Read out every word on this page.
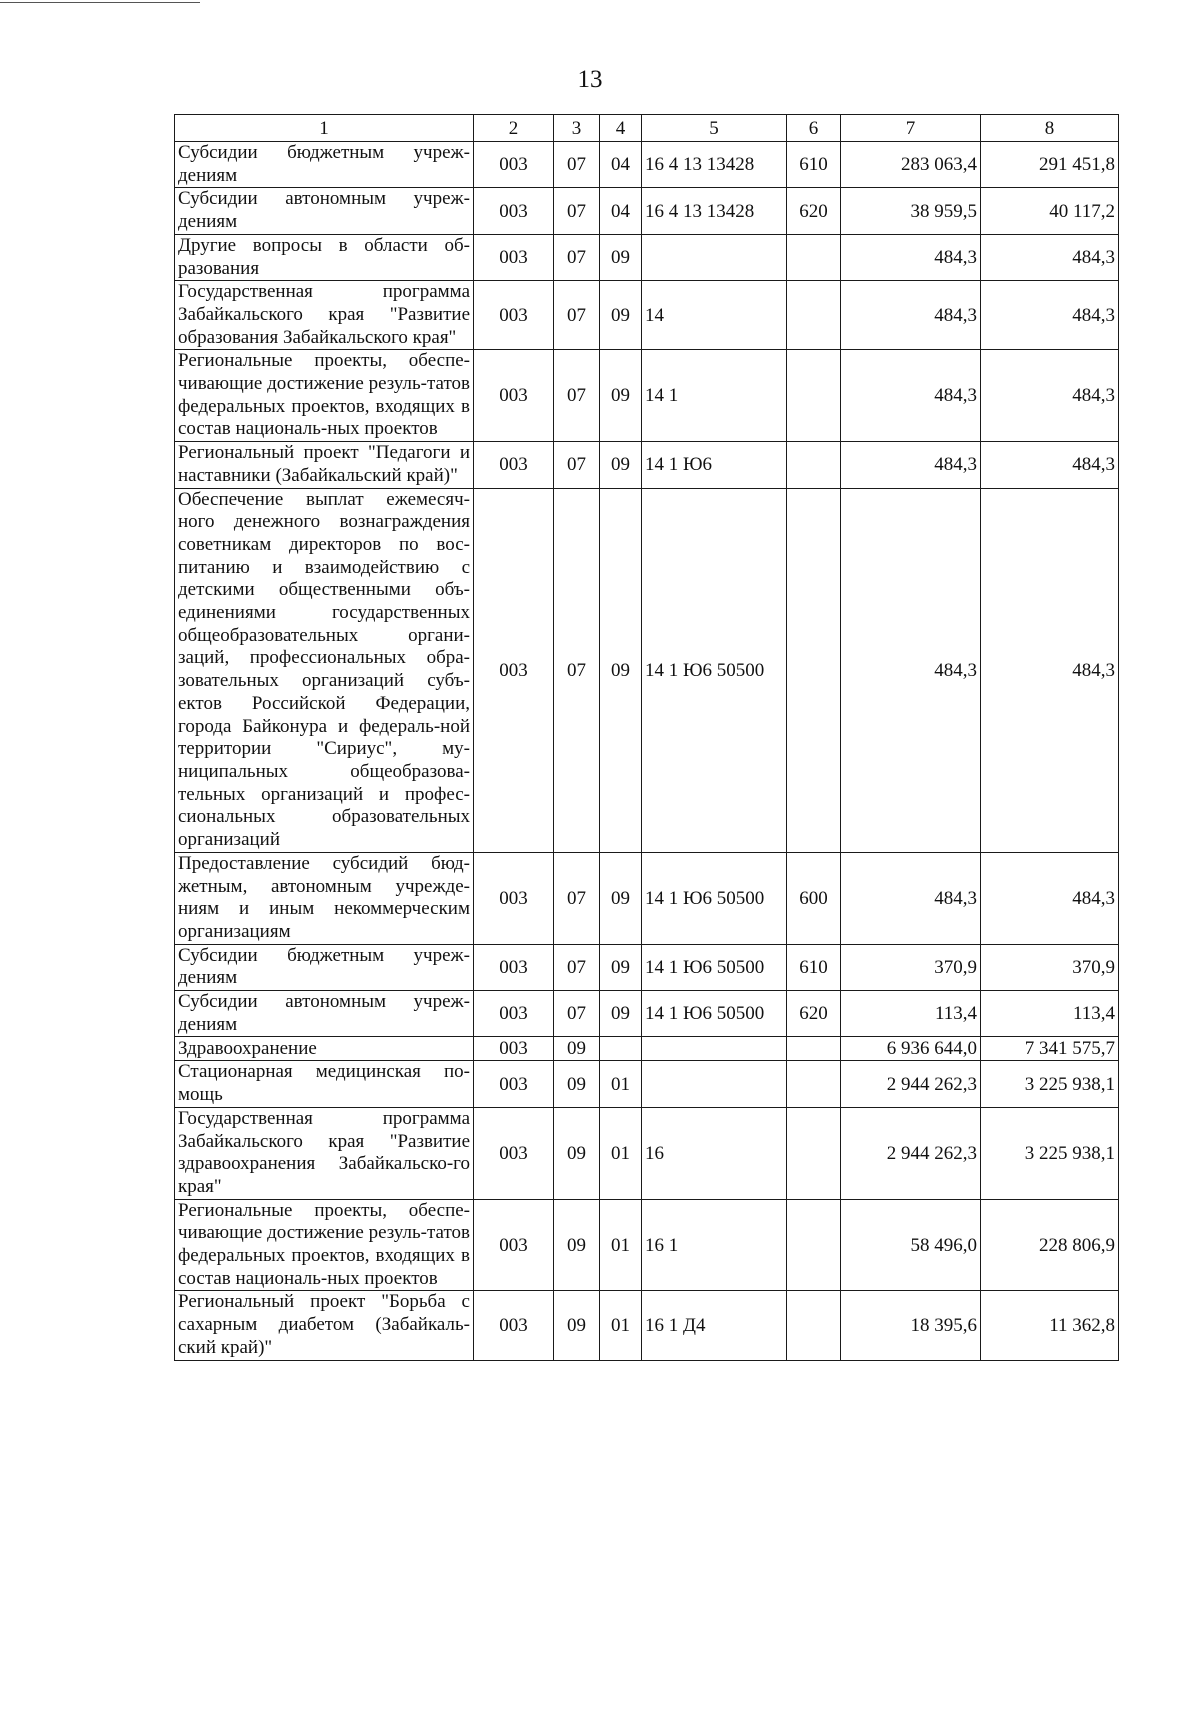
13
1	2	3	4	5	6	7	8
Субсидии бюджетным учреж-дениям	003	07	04	16 4 13 13428	610	283 063,4	291 451,8
Субсидии автономным учреж-дениям	003	07	04	16 4 13 13428	620	38 959,5	40 117,2
Другие вопросы в области об-разования	003	07	09			484,3	484,3
Государственная программа Забайкальского края "Развитие образования Забайкальского края"	003	07	09	14		484,3	484,3
Региональные проекты, обеспе-чивающие достижение резуль-татов федеральных проектов, входящих в состав националь-ных проектов	003	07	09	14 1		484,3	484,3
Региональный проект "Педагоги и наставники (Забайкальский край)"	003	07	09	14 1 Ю6		484,3	484,3
Обеспечение выплат ежемесяч-ного денежного вознаграждения советникам директоров по вос-питанию и взаимодействию с детскими общественными объ-единениями государственных общеобразовательных органи-заций, профессиональных обра-зовательных организаций субъ-ектов Российской Федерации, города Байконура и федераль-ной территории "Сириус", му-ниципальных общеобразова-тельных организаций и профес-сиональных образовательных организаций	003	07	09	14 1 Ю6 50500		484,3	484,3
Предоставление субсидий бюд-жетным, автономным учрежде-ниям и иным некоммерческим организациям	003	07	09	14 1 Ю6 50500	600	484,3	484,3
Субсидии бюджетным учреж-дениям	003	07	09	14 1 Ю6 50500	610	370,9	370,9
Субсидии автономным учреж-дениям	003	07	09	14 1 Ю6 50500	620	113,4	113,4
Здравоохранение	003	09				6 936 644,0	7 341 575,7
Стационарная медицинская по-мощь	003	09	01			2 944 262,3	3 225 938,1
Государственная программа Забайкальского края "Развитие здравоохранения Забайкальско-го края"	003	09	01	16		2 944 262,3	3 225 938,1
Региональные проекты, обеспе-чивающие достижение резуль-татов федеральных проектов, входящих в состав националь-ных проектов	003	09	01	16 1		58 496,0	228 806,9
Региональный проект "Борьба с сахарным диабетом (Забайкаль-ский край)"	003	09	01	16 1 Д4		18 395,6	11 362,8
